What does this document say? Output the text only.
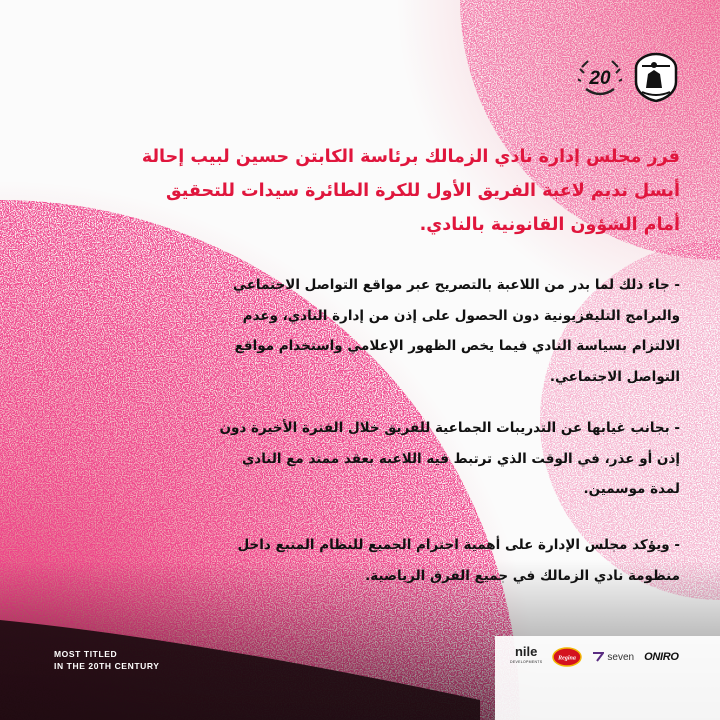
20
قرر مجلس إدارة نادي الزمالك برئاسة الكابتن حسين لبيب إحالة
أيسل نديم لاعبة الفريق الأول للكرة الطائرة سيدات للتحقيق
أمام الشؤون القانونية بالنادي.
- جاء ذلك لما بدر من اللاعبة بالتصريح عبر مواقع التواصل الاجتماعي
والبرامج التليفزيونية دون الحصول على إذن من إدارة النادي، وعدم
الالتزام بسياسة النادي فيما يخص الظهور الإعلامي واستخدام مواقع
التواصل الاجتماعي.
- بجانب غيابها عن التدريبات الجماعية للفريق خلال الفترة الأخيرة دون
إذن أو عذر، في الوقت الذي ترتبط فيه اللاعبه بعقد ممتد مع النادي
لمدة موسمين.
- ويؤكد مجلس الإدارة على أهمية احترام الجميع للنظام المتبع داخل
منظومة نادي الزمالك في جميع الفرق الرياضية.
MOST TITLED
IN THE 20TH CENTURY
nile
DEVELOPMENTS
Regina	seven ONIRO
